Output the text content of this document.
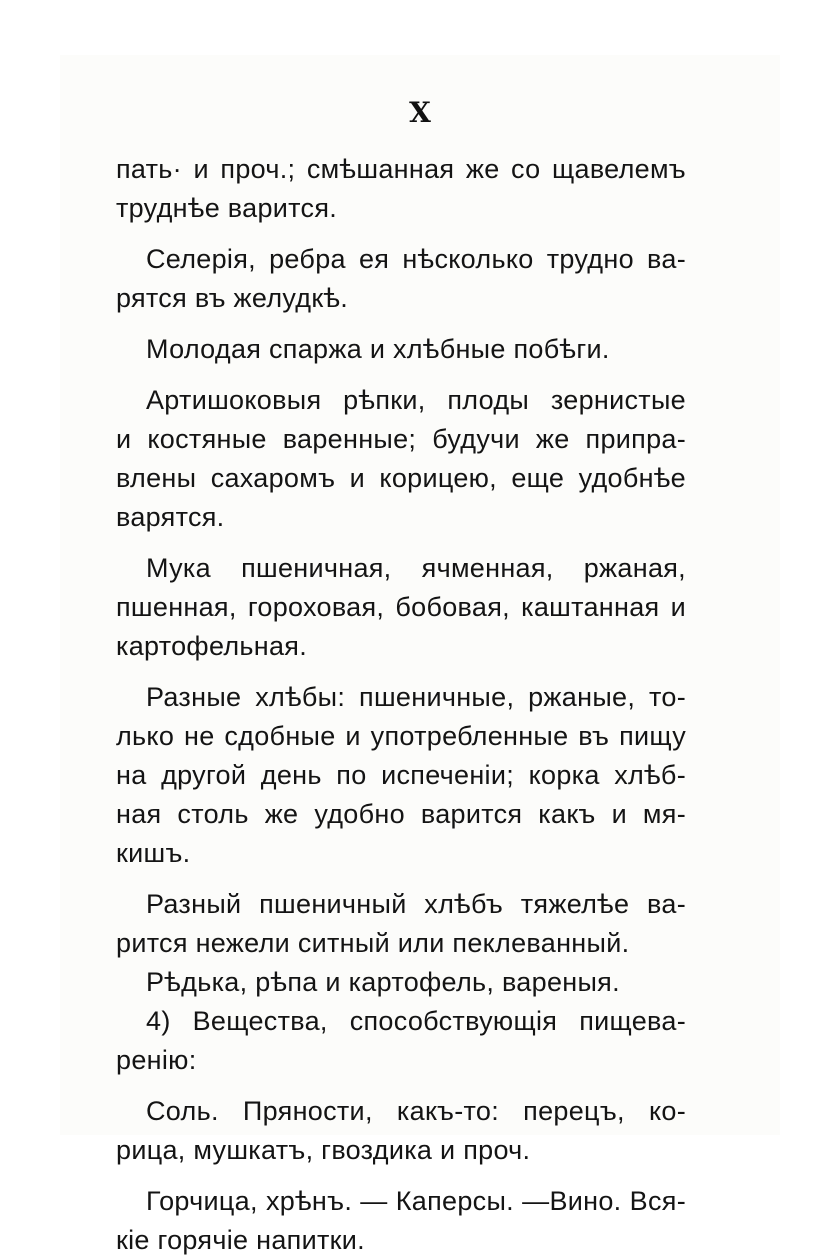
X
пать· и проч.; смѣшанная же со щавелемъ
труднѣе варится.
Селерія, ребра ея нѣсколько трудно ва-
рятся въ желудкѣ.
Молодая спаржа и хлѣбные побѣги.
Артишоковыя рѣпки, плоды зернистые
и костяные варенные; будучи же припра-
влены сахаромъ и корицею, еще удобнѣе
варятся.
Мука пшеничная, ячменная, ржаная,
пшенная, гороховая, бобовая, каштанная и
картофельная.
Разные хлѣбы: пшеничные, ржаные, то-
лько не сдобные и употребленные въ пищу
на другой день по испеченіи; корка хлѣб-
ная столь же удобно варится какъ и мя-
кишъ.
Разный пшеничный хлѣбъ тяжелѣе ва-
рится нежели ситный или пеклеванный.
Рѣдька, рѣпа и картофель, вареныя.
4) Вещества, способствующія пищева-
ренію:
Соль. Пряности, какъ-то: перецъ, ко-
рица, мушкатъ, гвоздика и проч.
Горчица, хрѣнъ. — Каперсы. —Вино. Вся-
кіе горячіе напитки.
